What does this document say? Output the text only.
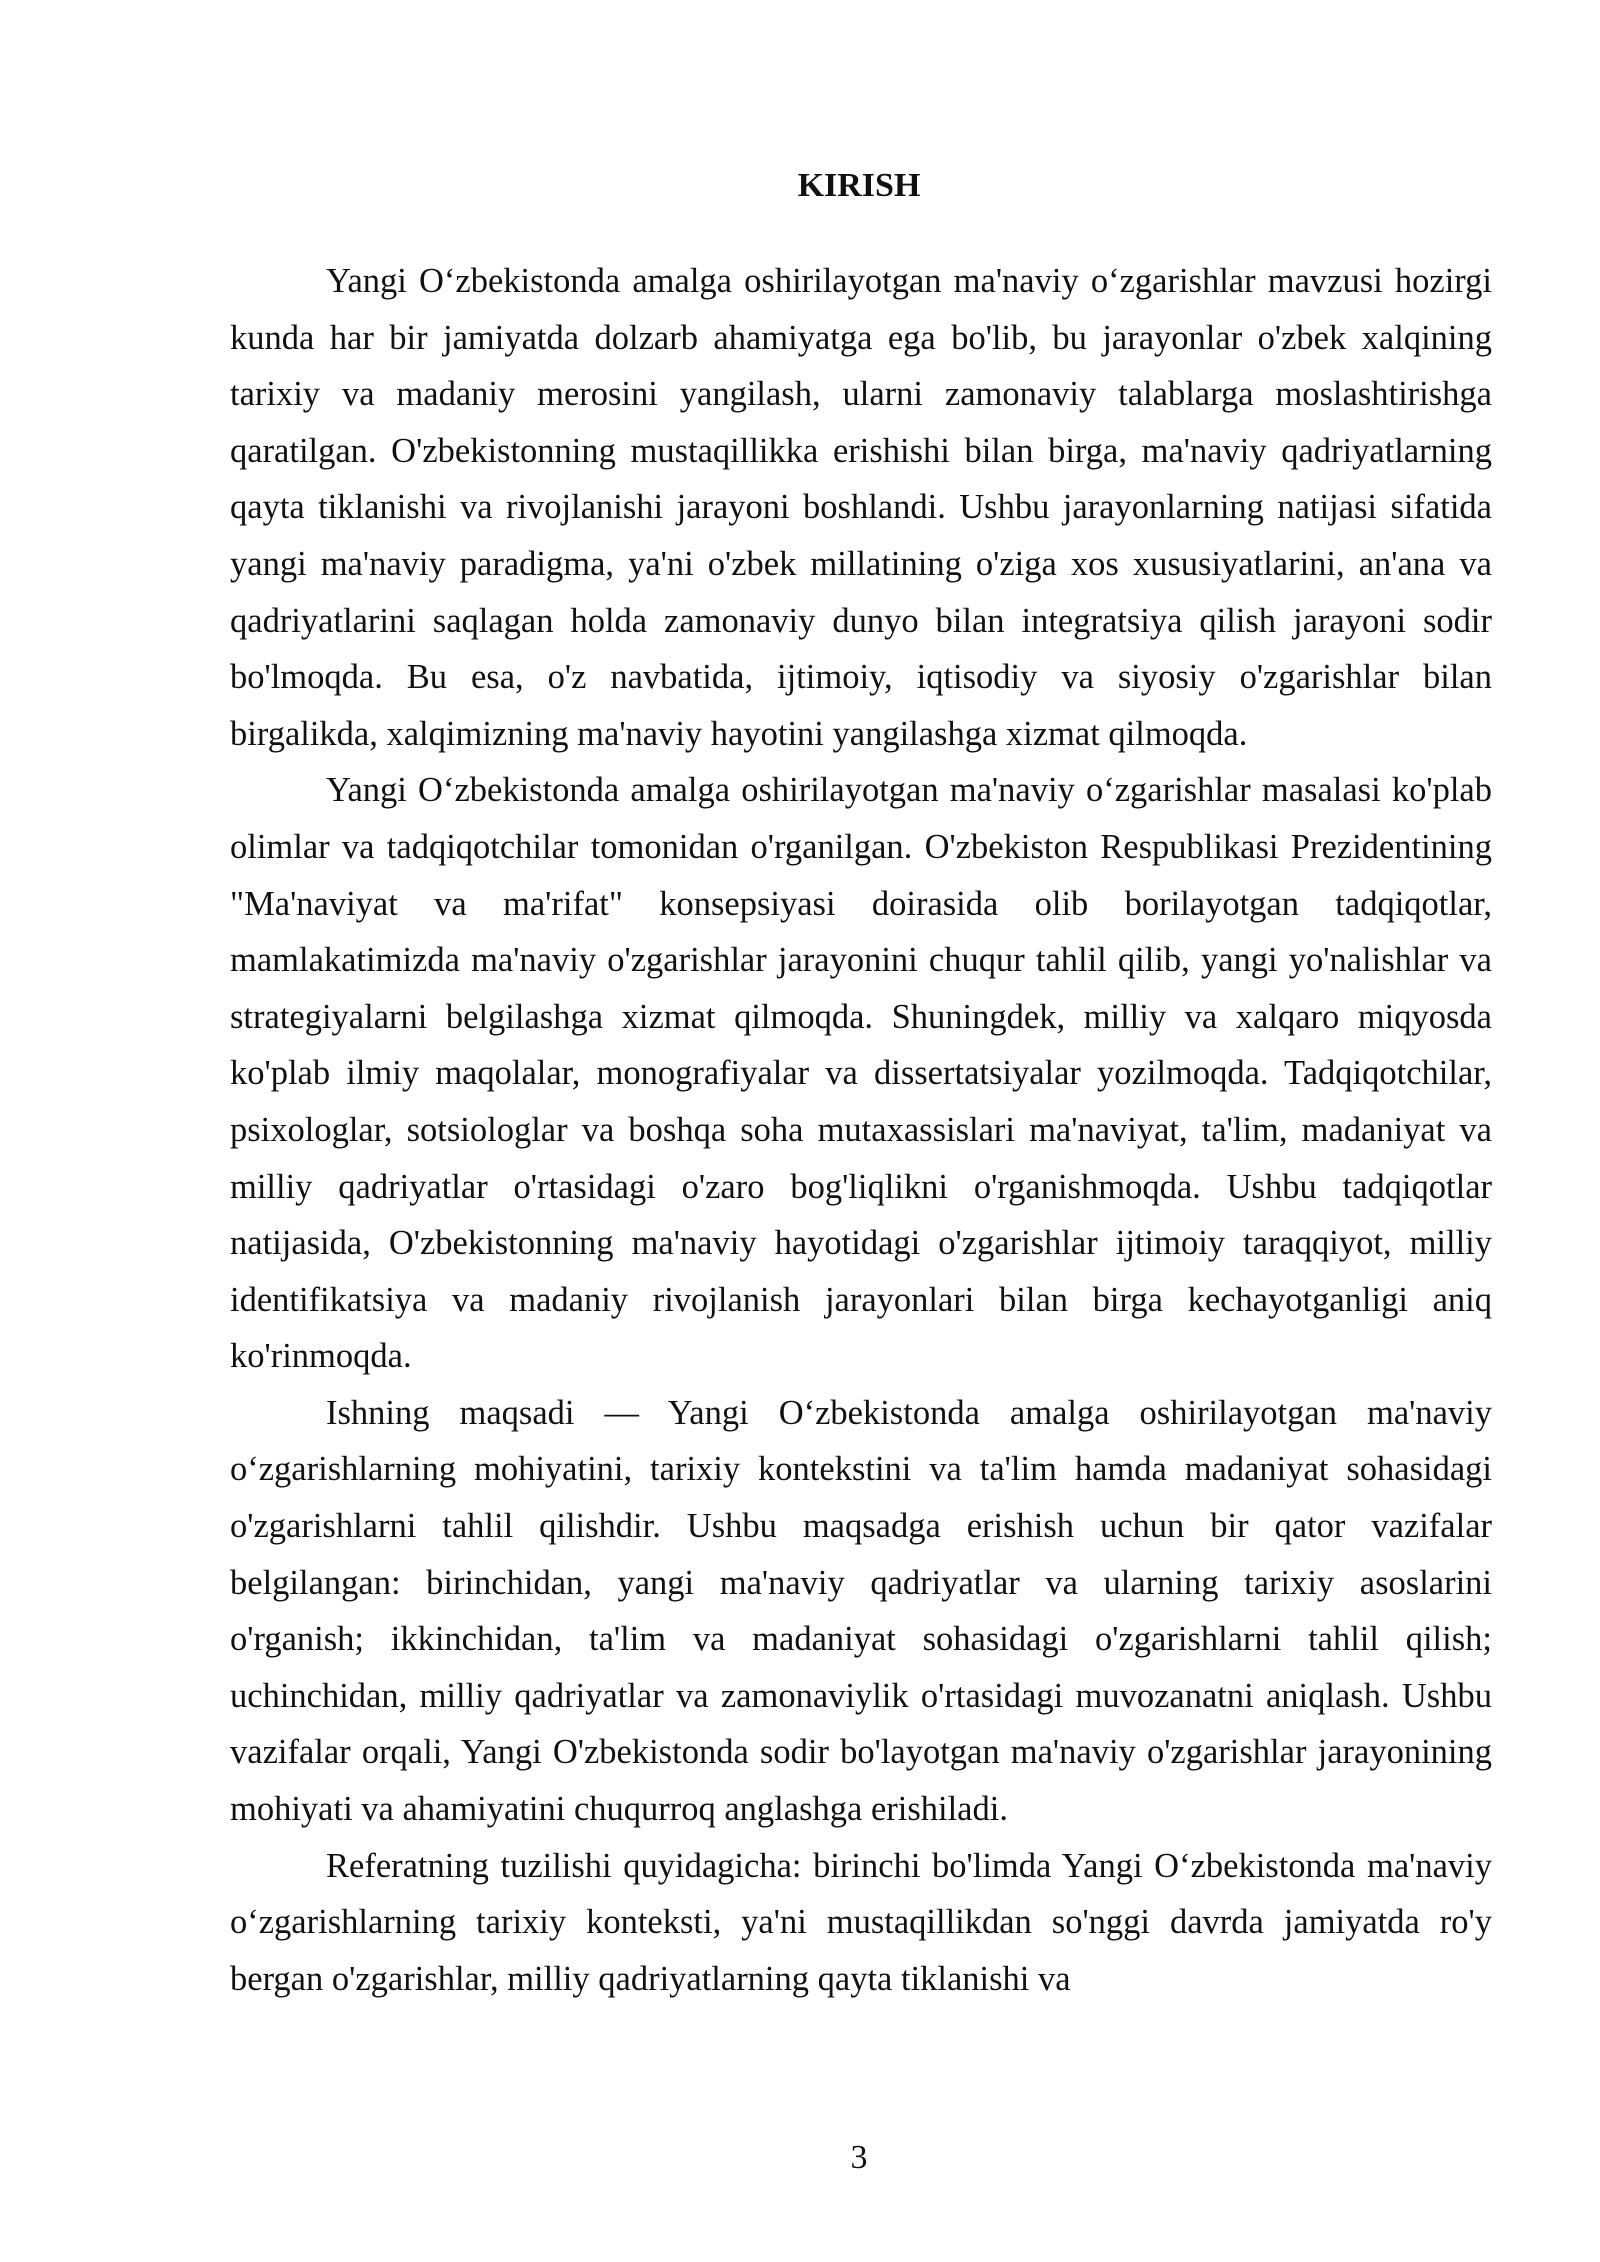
KIRISH

Yangi O‘zbekistonda amalga oshirilayotgan ma'naviy o‘zgarishlar mavzusi hozirgi kunda har bir jamiyatda dolzarb ahamiyatga ega bo'lib, bu jarayonlar o'zbek xalqining tarixiy va madaniy merosini yangilash, ularni zamonaviy talablarga moslashtirishga qaratilgan. O'zbekistonning mustaqillikka erishishi bilan birga, ma'naviy qadriyatlarning qayta tiklanishi va rivojlanishi jarayoni boshlandi. Ushbu jarayonlarning natijasi sifatida yangi ma'naviy paradigma, ya'ni o'zbek millatining o'ziga xos xususiyatlarini, an'ana va qadriyatlarini saqlagan holda zamonaviy dunyo bilan integratsiya qilish jarayoni sodir bo'lmoqda. Bu esa, o'z navbatida, ijtimoiy, iqtisodiy va siyosiy o'zgarishlar bilan birgalikda, xalqimizning ma'naviy hayotini yangilashga xizmat qilmoqda.

Yangi O‘zbekistonda amalga oshirilayotgan ma'naviy o‘zgarishlar masalasi ko'plab olimlar va tadqiqotchilar tomonidan o'rganilgan. O'zbekiston Respublikasi Prezidentining "Ma'naviyat va ma'rifat" konsepsiyasi doirasida olib borilayotgan tadqiqotlar, mamlakatimizda ma'naviy o'zgarishlar jarayonini chuqur tahlil qilib, yangi yo'nalishlar va strategiyalarni belgilashga xizmat qilmoqda. Shuningdek, milliy va xalqaro miqyosda ko'plab ilmiy maqolalar, monografiyalar va dissertatsiyalar yozilmoqda. Tadqiqotchilar, psixologlar, sotsiologlar va boshqa soha mutaxassislari ma'naviyat, ta'lim, madaniyat va milliy qadriyatlar o'rtasidagi o'zaro bog'liqlikni o'rganishmoqda. Ushbu tadqiqotlar natijasida, O'zbekistonning ma'naviy hayotidagi o'zgarishlar ijtimoiy taraqqiyot, milliy identifikatsiya va madaniy rivojlanish jarayonlari bilan birga kechayotganligi aniq ko'rinmoqda.

Ishning maqsadi — Yangi O‘zbekistonda amalga oshirilayotgan ma'naviy o‘zgarishlarning mohiyatini, tarixiy kontekstini va ta'lim hamda madaniyat sohasidagi o'zgarishlarni tahlil qilishdir. Ushbu maqsadga erishish uchun bir qator vazifalar belgilangan: birinchidan, yangi ma'naviy qadriyatlar va ularning tarixiy asoslarini o'rganish; ikkinchidan, ta'lim va madaniyat sohasidagi o'zgarishlarni tahlil qilish; uchinchidan, milliy qadriyatlar va zamonaviylik o'rtasidagi muvozanatni aniqlash. Ushbu vazifalar orqali, Yangi O'zbekistonda sodir bo'layotgan ma'naviy o'zgarishlar jarayonining mohiyati va ahamiyatini chuqurroq anglashga erishiladi.

Referatning tuzilishi quyidagicha: birinchi bo'limda Yangi O‘zbekistonda ma'naviy o‘zgarishlarning tarixiy konteksti, ya'ni mustaqillikdan so'nggi davrda jamiyatda ro'y bergan o'zgarishlar, milliy qadriyatlarning qayta tiklanishi va

3
